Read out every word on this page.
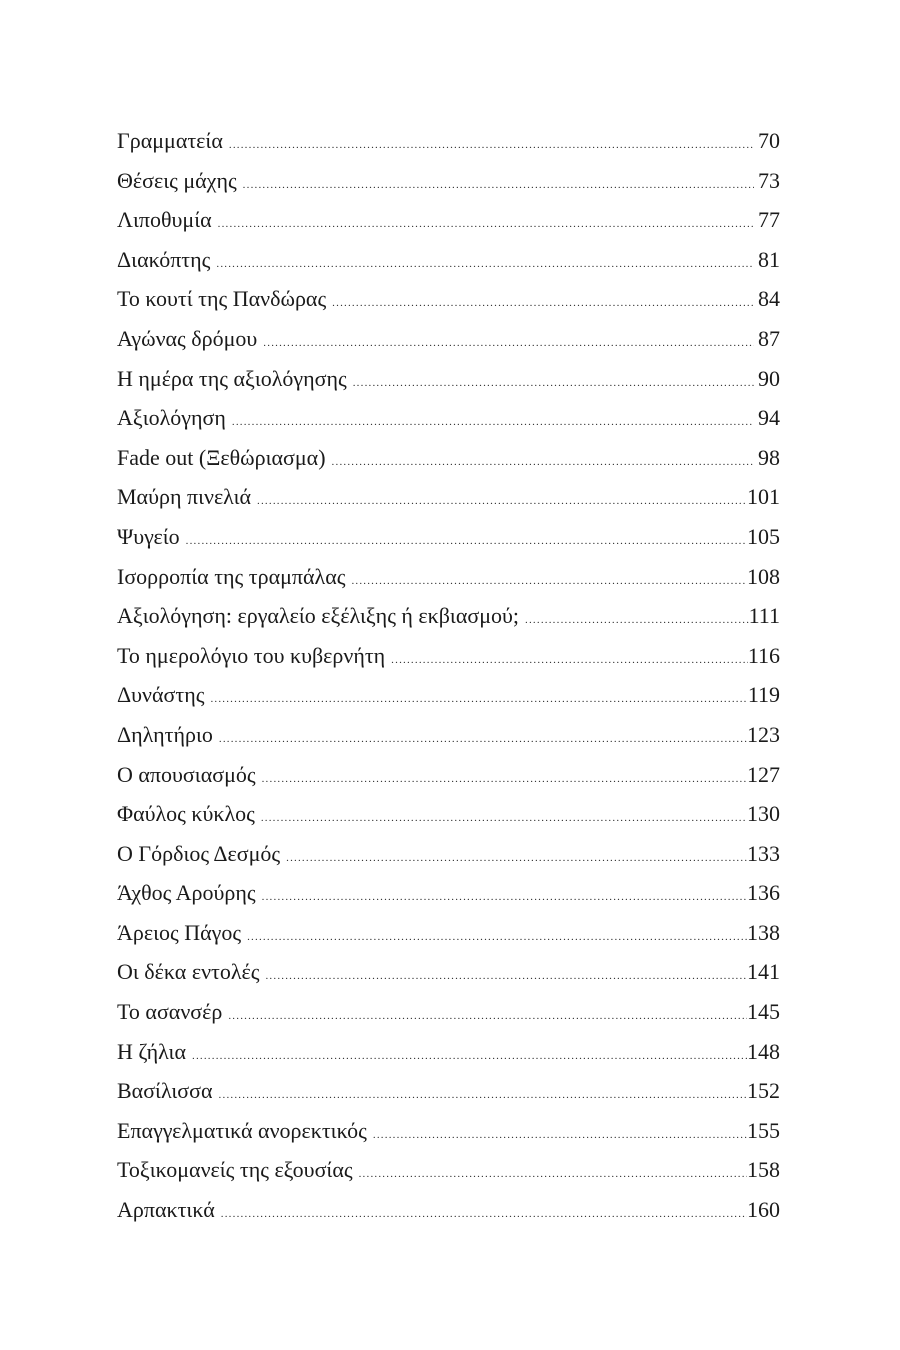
Γραμματεία .....	70
Θέσεις μάχης .....	73
Λιποθυμία .....	77
Διακόπτης .....	81
Το κουτί της Πανδώρας .....	84
Αγώνας δρόμου .....	87
Η ημέρα της αξιολόγησης .....	90
Αξιολόγηση .....	94
Fade out (Ξεθώριασμα) .....	98
Μαύρη πινελιά .....	101
Ψυγείο .....	105
Ισορροπία της τραμπάλας .....	108
Αξιολόγηση: εργαλείο εξέλιξης ή εκβιασμού; .....	111
Το ημερολόγιο του κυβερνήτη .....	116
Δυνάστης .....	119
Δηλητήριο .....	123
Ο απουσιασμός .....	127
Φαύλος κύκλος .....	130
Ο Γόρδιος Δεσμός .....	133
Άχθος Αρούρης .....	136
Άρειος Πάγος .....	138
Οι δέκα εντολές .....	141
Το ασανσέρ .....	145
Η ζήλια .....	148
Βασίλισσα .....	152
Επαγγελματικά ανορεκτικός .....	155
Τοξικομανείς της εξουσίας .....	158
Αρπακτικά .....	160
